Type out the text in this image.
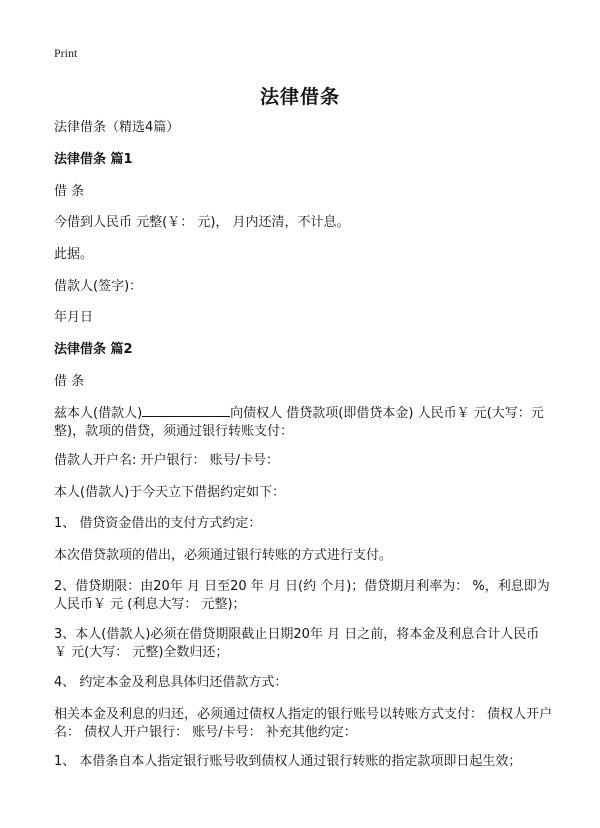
Print
法律借条
法律借条（精选4篇）
法律借条 篇1
借 条
今借到人民币 元整(￥： 元)， 月内还清，不计息。
此据。
借款人(签字)：
年月日
法律借条 篇2
借 条
兹本人(借款人)	向债权人 借贷款项(即借贷本金) 人民币￥ 元(大写：元整)，款项的借贷，须通过银行转账支付：
借款人开户名: 开户银行： 账号/卡号：
本人(借款人)于今天立下借据约定如下：
1、 借贷资金借出的支付方式约定：
本次借贷款项的借出，必须通过银行转账的方式进行支付。
2、借贷期限：由20年 月 日至20 年 月 日(约 个月)；借贷期月利率为： %，利息即为人民币￥ 元 (利息大写： 元整)；
3、本人(借款人)必须在借贷期限截止日期20年 月 日之前，将本金及利息合计人民币 ￥ 元(大写： 元整)全数归还；
4、 约定本金及利息具体归还借款方式：
相关本金及利息的归还，必须通过债权人指定的银行账号以转账方式支付： 债权人开户名： 债权人开户银行： 账号/卡号： 补充其他约定：
1、 本借条自本人指定银行账号收到债权人通过银行转账的指定款项即日起生效；
